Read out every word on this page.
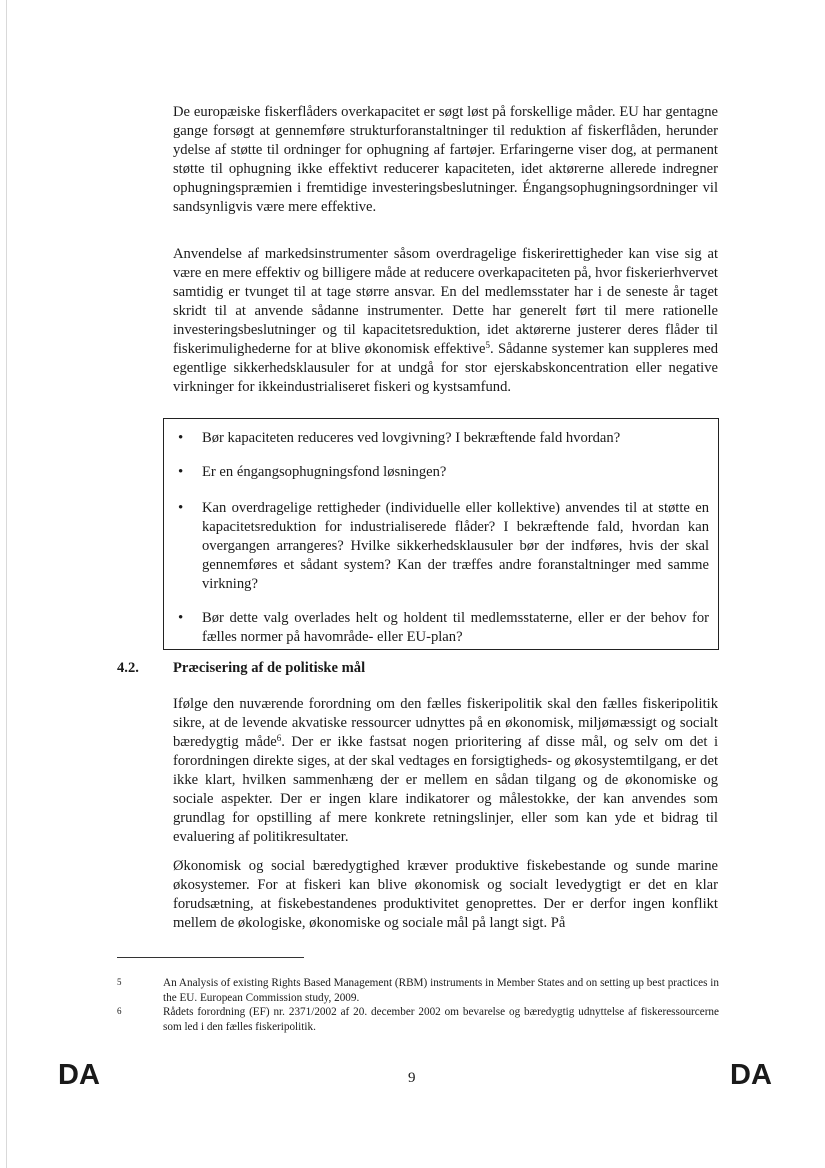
De europæiske fiskerflåders overkapacitet er søgt løst på forskellige måder. EU har gentagne gange forsøgt at gennemføre strukturforanstaltninger til reduktion af fiskerflåden, herunder ydelse af støtte til ordninger for ophugning af fartøjer. Erfaringerne viser dog, at permanent støtte til ophugning ikke effektivt reducerer kapaciteten, idet aktørerne allerede indregner ophugningspræmien i fremtidige investeringsbeslutninger. Éngangsophugningsordninger vil sandsynligvis være mere effektive.

Anvendelse af markedsinstrumenter såsom overdragelige fiskerirettigheder kan vise sig at være en mere effektiv og billigere måde at reducere overkapaciteten på, hvor fiskerierhvervet samtidig er tvunget til at tage større ansvar. En del medlemsstater har i de seneste år taget skridt til at anvende sådanne instrumenter. Dette har generelt ført til mere rationelle investeringsbeslutninger og til kapacitetsreduktion, idet aktørerne justerer deres flåder til fiskerimulighederne for at blive økonomisk effektive$^5$. Sådanne systemer kan suppleres med egentlige sikkerhedsklausuler for at undgå for stor ejerskabskoncentration eller negative virkninger for ikkeindustrialiseret fiskeri og kystsamfund.

• Bør kapaciteten reduceres ved lovgivning? I bekræftende fald hvordan?
• Er en éngangsophugningsfond løsningen?
• Kan overdragelige rettigheder (individuelle eller kollektive) anvendes til at støtte en kapacitetsreduktion for industrialiserede flåder? I bekræftende fald, hvordan kan overgangen arrangeres? Hvilke sikkerhedsklausuler bør der indføres, hvis der skal gennemføres et sådant system? Kan der træffes andre foranstaltninger med samme virkning?
• Bør dette valg overlades helt og holdent til medlemsstaterne, eller er der behov for fælles normer på havområde- eller EU-plan?
4.2. Præcisering af de politiske mål

Ifølge den nuværende forordning om den fælles fiskeripolitik skal den fælles fiskeripolitik sikre, at de levende akvatiske ressourcer udnyttes på en økonomisk, miljømæssigt og socialt bæredygtig måde$^6$. Der er ikke fastsat nogen prioritering af disse mål, og selv om det i forordningen direkte siges, at der skal vedtages en forsigtigheds- og økosystemtilgang, er det ikke klart, hvilken sammenhæng der er mellem en sådan tilgang og de økonomiske og sociale aspekter. Der er ingen klare indikatorer og målestokke, der kan anvendes som grundlag for opstilling af mere konkrete retningslinjer, eller som kan yde et bidrag til evaluering af politikresultater.

Økonomisk og social bæredygtighed kræver produktive fiskebestande og sunde marine økosystemer. For at fiskeri kan blive økonomisk og socialt levedygtigt er det en klar forudsætning, at fiskebestandenes produktivitet genoprettes. Der er derfor ingen konflikt mellem de økologiske, økonomiske og sociale mål på langt sigt. På

5	An Analysis of existing Rights Based Management (RBM) instruments in Member States and on setting up best practices in the EU. European Commission study, 2009.
6	Rådets forordning (EF) nr. 2371/2002 af 20. december 2002 om bevarelse og bæredygtig udnyttelse af fiskeressourcerne som led i den fælles fiskeripolitik.
DA	9	DA
